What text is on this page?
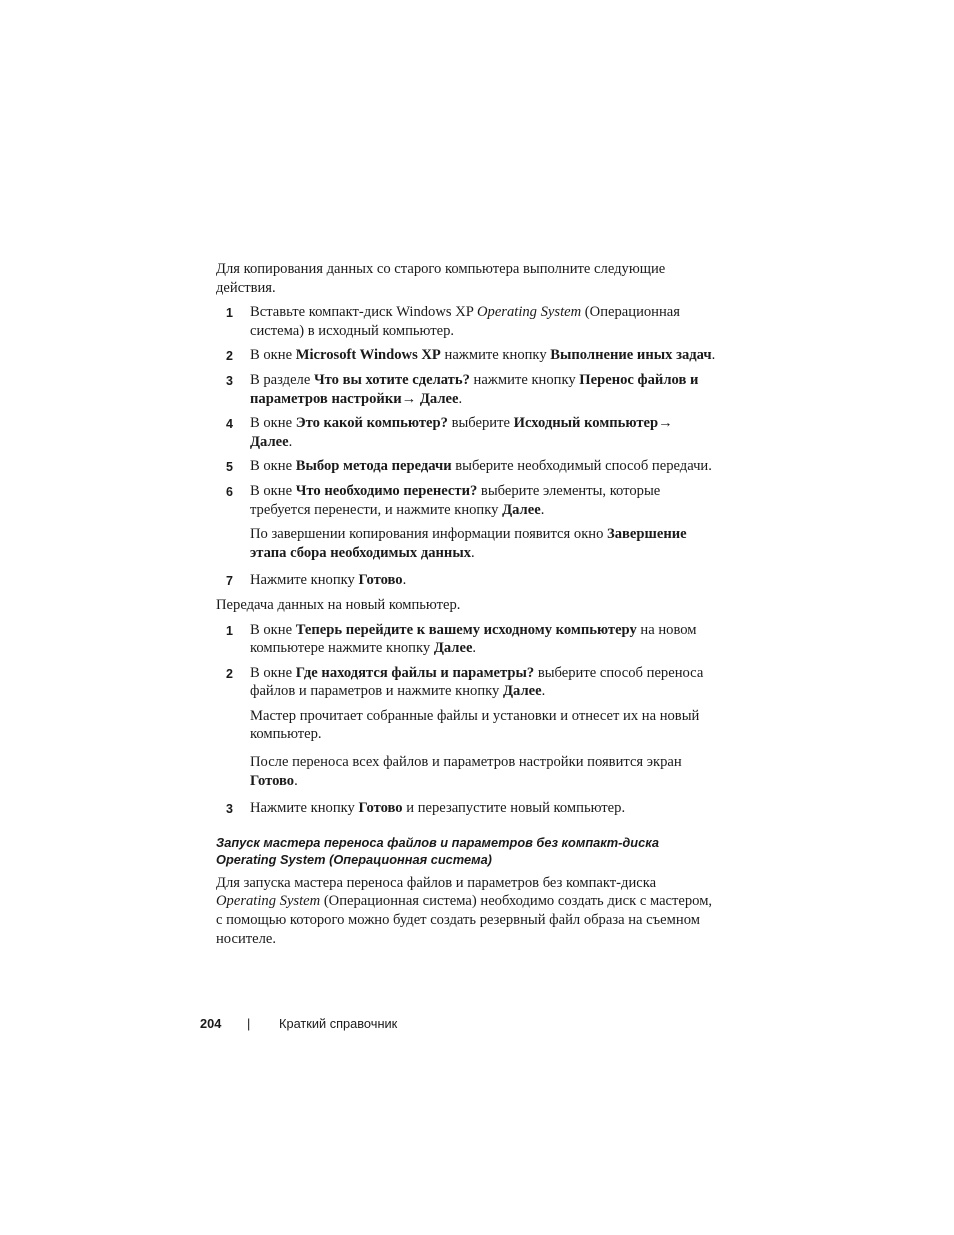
Для копирования данных со старого компьютера выполните следующие действия.

1 Вставьте компакт-диск Windows XP Operating System (Операционная система) в исходный компьютер.
2 В окне Microsoft Windows XP нажмите кнопку Выполнение иных задач.
3 В разделе Что вы хотите сделать? нажмите кнопку Перенос файлов и параметров настройки→ Далее.
4 В окне Это какой компьютер? выберите Исходный компьютер→ Далее.
5 В окне Выбор метода передачи выберите необходимый способ передачи.
6 В окне Что необходимо перенести? выберите элементы, которые требуется перенести, и нажмите кнопку Далее.

По завершении копирования информации появится окно Завершение этапа сбора необходимых данных.

7 Нажмите кнопку Готово.

Передача данных на новый компьютер.

1 В окне Теперь перейдите к вашему исходному компьютеру на новом компьютере нажмите кнопку Далее.
2 В окне Где находятся файлы и параметры? выберите способ переноса файлов и параметров и нажмите кнопку Далее.

Мастер прочитает собранные файлы и установки и отнесет их на новый компьютер.

После переноса всех файлов и параметров настройки появится экран Готово.

3 Нажмите кнопку Готово и перезапустите новый компьютер.
Запуск мастера переноса файлов и параметров без компакт-диска Operating System (Операционная система)

Для запуска мастера переноса файлов и параметров без компакт-диска Operating System (Операционная система) необходимо создать диск с мастером, с помощью которого можно будет создать резервный файл образа на съемном носителе.

204 | Краткий справочник
